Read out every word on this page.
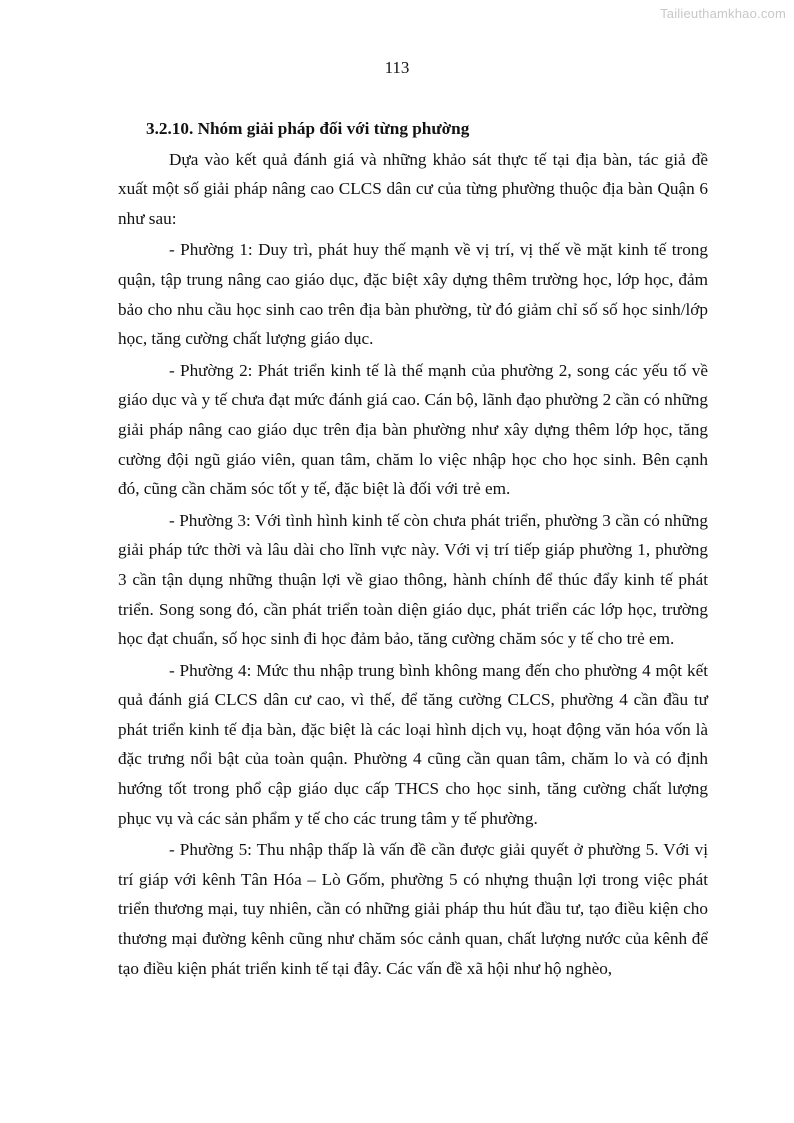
Tailieuthamkhao.com
113
3.2.10. Nhóm giải pháp đối với từng phường

Dựa vào kết quả đánh giá và những khảo sát thực tế tại địa bàn, tác giả đề xuất một số giải pháp nâng cao CLCS dân cư của từng phường thuộc địa bàn Quận 6 như sau:

- Phường 1: Duy trì, phát huy thế mạnh về vị trí, vị thế về mặt kinh tế trong quận, tập trung nâng cao giáo dục, đặc biệt xây dựng thêm trường học, lớp học, đảm bảo cho nhu cầu học sinh cao trên địa bàn phường, từ đó giảm chỉ số số học sinh/lớp học, tăng cường chất lượng giáo dục.

- Phường 2: Phát triển kinh tế là thế mạnh của phường 2, song các yếu tố về giáo dục và y tế chưa đạt mức đánh giá cao. Cán bộ, lãnh đạo phường 2 cần có những giải pháp nâng cao giáo dục trên địa bàn phường như xây dựng thêm lớp học, tăng cường đội ngũ giáo viên, quan tâm, chăm lo việc nhập học cho học sinh. Bên cạnh đó, cũng cần chăm sóc tốt y tế, đặc biệt là đối với trẻ em.

- Phường 3: Với tình hình kinh tế còn chưa phát triển, phường 3 cần có những giải pháp tức thời và lâu dài cho lĩnh vực này. Với vị trí tiếp giáp phường 1, phường 3 cần tận dụng những thuận lợi về giao thông, hành chính để thúc đẩy kinh tế phát triển. Song song đó, cần phát triển toàn diện giáo dục, phát triển các lớp học, trường học đạt chuẩn, số học sinh đi học đảm bảo, tăng cường chăm sóc y tế cho trẻ em.

- Phường 4: Mức thu nhập trung bình không mang đến cho phường 4 một kết quả đánh giá CLCS dân cư cao, vì thế, để tăng cường CLCS, phường 4 cần đầu tư phát triển kinh tế địa bàn, đặc biệt là các loại hình dịch vụ, hoạt động văn hóa vốn là đặc trưng nổi bật của toàn quận. Phường 4 cũng cần quan tâm, chăm lo và có định hướng tốt trong phổ cập giáo dục cấp THCS cho học sinh, tăng cường chất lượng phục vụ và các sản phẩm y tế cho các trung tâm y tế phường.

- Phường 5: Thu nhập thấp là vấn đề cần được giải quyết ở phường 5. Với vị trí giáp với kênh Tân Hóa – Lò Gốm, phường 5 có nhựng thuận lợi trong việc phát triển thương mại, tuy nhiên, cần có những giải pháp thu hút đầu tư, tạo điều kiện cho thương mại đường kênh cũng như chăm sóc cảnh quan, chất lượng nước của kênh để tạo điều kiện phát triển kinh tế tại đây. Các vấn đề xã hội như hộ nghèo,
